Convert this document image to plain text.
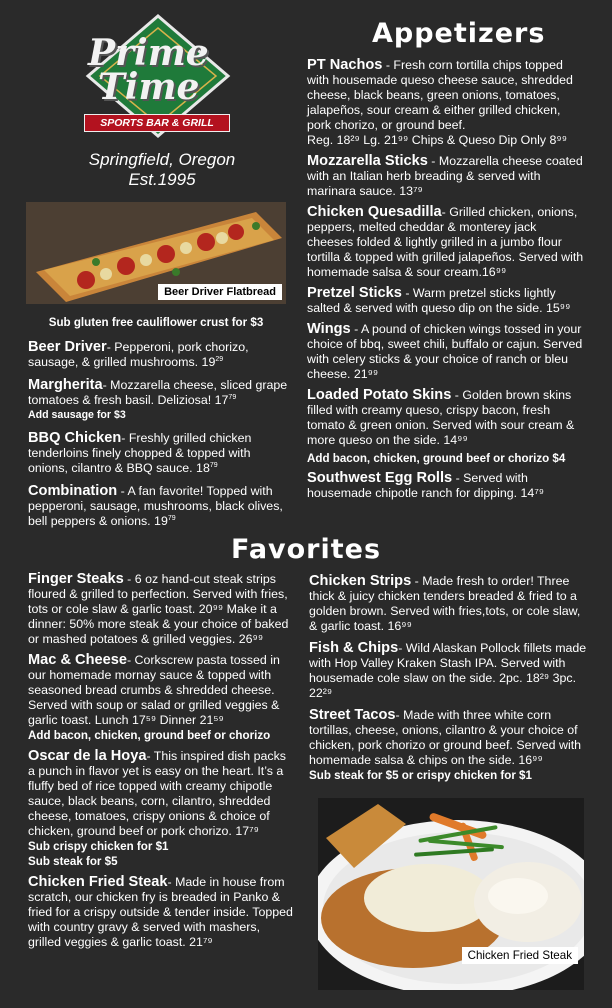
Prime
Time
SPORTS BAR & GRILL
Springfield, Oregon
Est.1995
Beer Driver Flatbread
Sub gluten free cauliflower crust for $3
Beer Driver- Pepperoni, pork chorizo, sausage, & grilled mushrooms. $19^{29}$
Margherita- Mozzarella cheese, sliced grape tomatoes & fresh basil. Deliziosa! $17^{79}$
Add sausage for $3
BBQ Chicken- Freshly grilled chicken tenderloins finely chopped & topped with onions, cilantro & BBQ sauce. $18^{79}$
Combination - A fan favorite! Topped with pepperoni, sausage, mushrooms, black olives, bell peppers & onions. $19^{79}$
Appetizers
PT Nachos - Fresh corn tortilla chips topped with housemade queso cheese sauce, shredded cheese, black beans, green onions, tomatoes, jalapeños, sour cream & either grilled chicken, pork chorizo, or ground beef.
Reg. 18²⁹ Lg. 21⁹⁹ Chips & Queso Dip Only 8⁹⁹
Mozzarella Sticks - Mozzarella cheese coated with an Italian herb breading & served with marinara sauce. 13⁷⁹
Chicken Quesadilla- Grilled chicken, onions, peppers, melted cheddar & monterey jack cheeses folded & lightly grilled in a jumbo flour tortilla & topped with grilled jalapeños. Served with homemade salsa & sour cream.16⁹⁹
Pretzel Sticks - Warm pretzel sticks lightly salted & served with queso dip on the side. 15⁹⁹
Wings - A pound of chicken wings tossed in your choice of bbq, sweet chili, buffalo or cajun. Served with celery sticks & your choice of ranch or bleu cheese. 21⁹⁹
Loaded Potato Skins - Golden brown skins filled with creamy queso, crispy bacon, fresh tomato & green onion. Served with sour cream & more queso on the side. 14⁹⁹
Add bacon, chicken, ground beef or chorizo $4
Southwest Egg Rolls - Served with housemade chipotle ranch for dipping. 14⁷⁹
Favorites
Finger Steaks - 6 oz hand-cut steak strips floured & grilled to perfection. Served with fries, tots or cole slaw & garlic toast. 20⁹⁹ Make it a dinner: 50% more steak & your choice of baked or mashed potatoes & grilled veggies. 26⁹⁹
Mac & Cheese- Corkscrew pasta tossed in our homemade mornay sauce & topped with seasoned bread crumbs & shredded cheese. Served with soup or salad or grilled veggies & garlic toast. Lunch 17⁵⁹ Dinner 21⁵⁹
Add bacon, chicken, ground beef or chorizo
Oscar de la Hoya- This inspired dish packs a punch in flavor yet is easy on the heart. It’s a fluffy bed of rice topped with creamy chipotle sauce, black beans, corn, cilantro, shredded cheese, tomatoes, crispy onions & choice of chicken, ground beef or pork chorizo. 17⁷⁹
Sub crispy chicken for $1
Sub steak for $5
Chicken Fried Steak- Made in house from scratch, our chicken fry is breaded in Panko & fried for a crispy outside & tender inside. Topped with country gravy & served with mashers, grilled veggies & garlic toast. 21⁷⁹
Chicken Strips - Made fresh to order! Three thick & juicy chicken tenders breaded & fried to a golden brown. Served with fries,tots, or cole slaw, & garlic toast. 16⁹⁹
Fish & Chips- Wild Alaskan Pollock fillets made with Hop Valley Kraken Stash IPA. Served with housemade cole slaw on the side. 2pc. 18²⁹ 3pc. 22²⁹
Street Tacos- Made with three white corn tortillas, cheese, onions, cilantro & your choice of chicken, pork chorizo or ground beef. Served with homemade salsa & chips on the side. 16⁹⁹
Sub steak for $5 or crispy chicken for $1
Chicken Fried Steak
